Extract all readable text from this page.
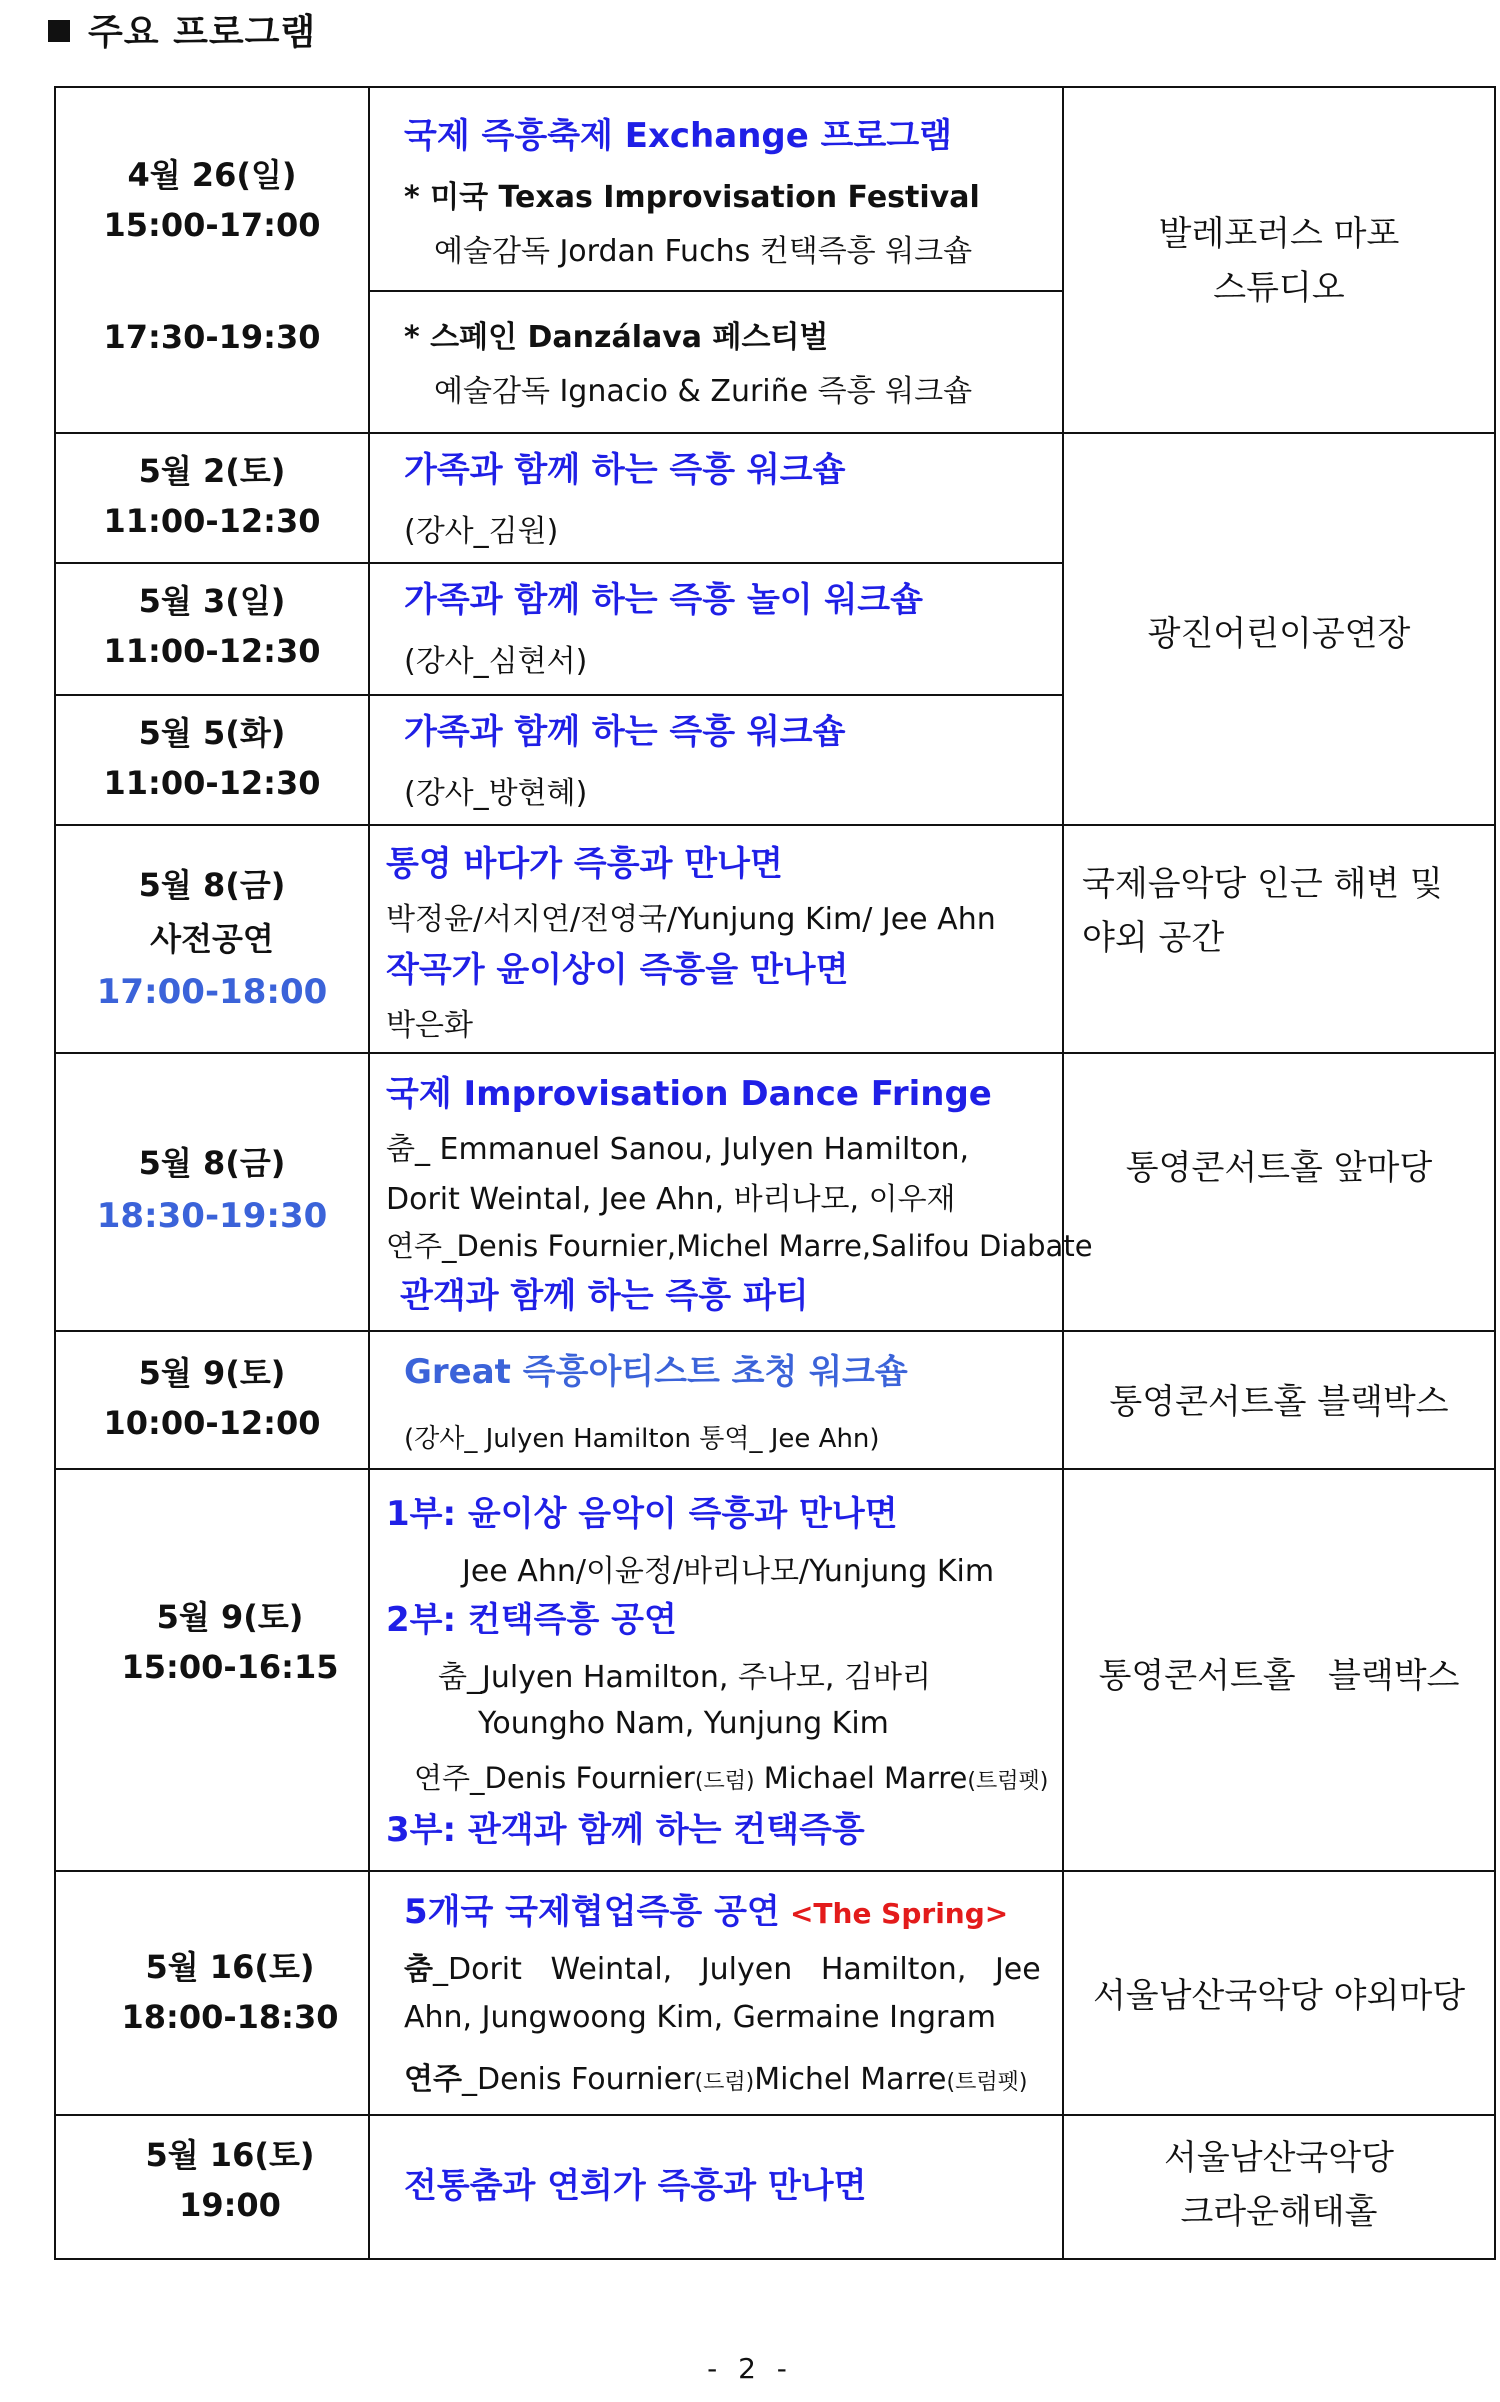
주요 프로그램
4월 26(일)
15:00-17:00
17:30-19:30
국제 즉흥축제 Exchange 프로그램
* 미국 Texas Improvisation Festival
예술감독 Jordan Fuchs 컨택즉흥 워크숍
* 스페인 Danzálava 페스티벌
예술감독 Ignacio & Zuriñe 즉흥 워크숍
발레포러스 마포
스튜디오
5월 2(토)
11:00-12:30
가족과 함께 하는 즉흥 워크숍
(강사_김원)
5월 3(일)
11:00-12:30
가족과 함께 하는 즉흥 놀이 워크숍
(강사_심현서)
광진어린이공연장
5월 5(화)
11:00-12:30
가족과 함께 하는 즉흥 워크숍
(강사_방현혜)
5월 8(금)
사전공연
17:00-18:00
통영 바다가 즉흥과 만나면
박정윤/서지연/전영국/Yunjung Kim/ Jee Ahn
작곡가 윤이상이 즉흥을 만나면
박은화
국제음악당 인근 해변 및
야외 공간
5월 8(금)
18:30-19:30
국제 Improvisation Dance Fringe
춤_ Emmanuel Sanou, Julyen Hamilton,
Dorit Weintal, Jee Ahn, 바리나모, 이우재
연주_Denis Fournier,Michel Marre,Salifou Diabate
관객과 함께 하는 즉흥 파티
통영콘서트홀 앞마당
5월 9(토)
10:00-12:00
Great 즉흥아티스트 초청 워크숍
(강사_ Julyen Hamilton 통역_ Jee Ahn)
통영콘서트홀 블랙박스
5월 9(토)
15:00-16:15
1부: 윤이상 음악이 즉흥과 만나면
Jee Ahn/이윤정/바리나모/Yunjung Kim
2부: 컨택즉흥 공연
춤_Julyen Hamilton, 주나모, 김바리
Youngho Nam, Yunjung Kim
연주_Denis Fournier(드럼) Michael Marre(트럼펫)
3부: 관객과 함께 하는 컨택즉흥
통영콘서트홀   블랙박스
5월 16(토)
18:00-18:30
5개국 국제협업즉흥 공연 <The Spring>
춤_Dorit   Weintal,   Julyen   Hamilton,   Jee
Ahn, Jungwoong Kim, Germaine Ingram
연주_Denis Fournier(드럼)Michel Marre(트럼펫)
서울남산국악당 야외마당
5월 16(토)
19:00	전통춤과 연희가 즉흥과 만나면
서울남산국악당
크라운해태홀
- 2 -
